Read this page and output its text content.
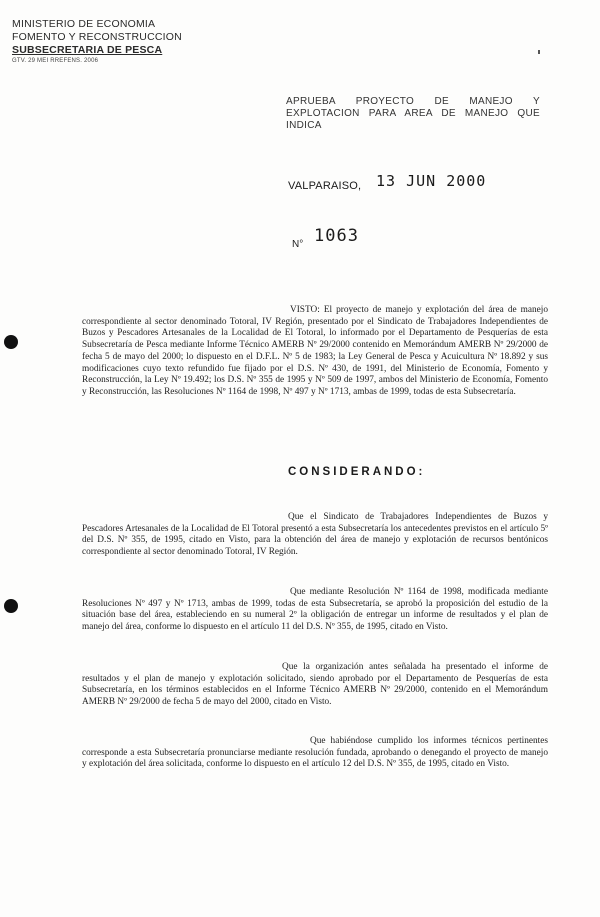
MINISTERIO DE ECONOMIA
FOMENTO Y RECONSTRUCCION
SUBSECRETARIA DE PESCA
GTV. 29 MEI RREFENS. 2006
APRUEBA PROYECTO DE MANEJO Y EXPLOTACION PARA AREA DE MANEJO QUE INDICA
VALPARAISO, 13 JUN 2000
N° 1063
VISTO: El proyecto de manejo y explotación del área de manejo correspondiente al sector denominado Totoral, IV Región, presentado por el Sindicato de Trabajadores Independientes de Buzos y Pescadores Artesanales de la Localidad de El Totoral, lo informado por el Departamento de Pesquerías de esta Subsecretaría de Pesca mediante Informe Técnico AMERB Nº 29/2000 contenido en Memorándum AMERB Nº 29/2000 de fecha 5 de mayo del 2000; lo dispuesto en el D.F.L. Nº 5 de 1983; la Ley General de Pesca y Acuicultura Nº 18.892 y sus modificaciones cuyo texto refundido fue fijado por el D.S. Nº 430, de 1991, del Ministerio de Economía, Fomento y Reconstrucción, la Ley Nº 19.492; los D.S. Nº 355 de 1995 y Nº 509 de 1997, ambos del Ministerio de Economía, Fomento y Reconstrucción, las Resoluciones Nº 1164 de 1998, Nº 497 y Nº 1713, ambas de 1999, todas de esta Subsecretaría.
CONSIDERANDO:
Que el Sindicato de Trabajadores Independientes de Buzos y Pescadores Artesanales de la Localidad de El Totoral presentó a esta Subsecretaría los antecedentes previstos en el artículo 5º del D.S. Nº 355, de 1995, citado en Visto, para la obtención del área de manejo y explotación de recursos bentónicos correspondiente al sector denominado Totoral, IV Región.
Que mediante Resolución Nº 1164 de 1998, modificada mediante Resoluciones Nº 497 y Nº 1713, ambas de 1999, todas de esta Subsecretaría, se aprobó la proposición del estudio de la situación base del área, estableciendo en su numeral 2º la obligación de entregar un informe de resultados y el plan de manejo del área, conforme lo dispuesto en el artículo 11 del D.S. Nº 355, de 1995, citado en Visto.
Que la organización antes señalada ha presentado el informe de resultados y el plan de manejo y explotación solicitado, siendo aprobado por el Departamento de Pesquerías de esta Subsecretaría, en los términos establecidos en el Informe Técnico AMERB Nº 29/2000, contenido en el Memorándum AMERB Nº 29/2000 de fecha 5 de mayo del 2000, citado en Visto.
Que habiéndose cumplido los informes técnicos pertinentes corresponde a esta Subsecretaría pronunciarse mediante resolución fundada, aprobando o denegando el proyecto de manejo y explotación del área solicitada, conforme lo dispuesto en el artículo 12 del D.S. Nº 355, de 1995, citado en Visto.
